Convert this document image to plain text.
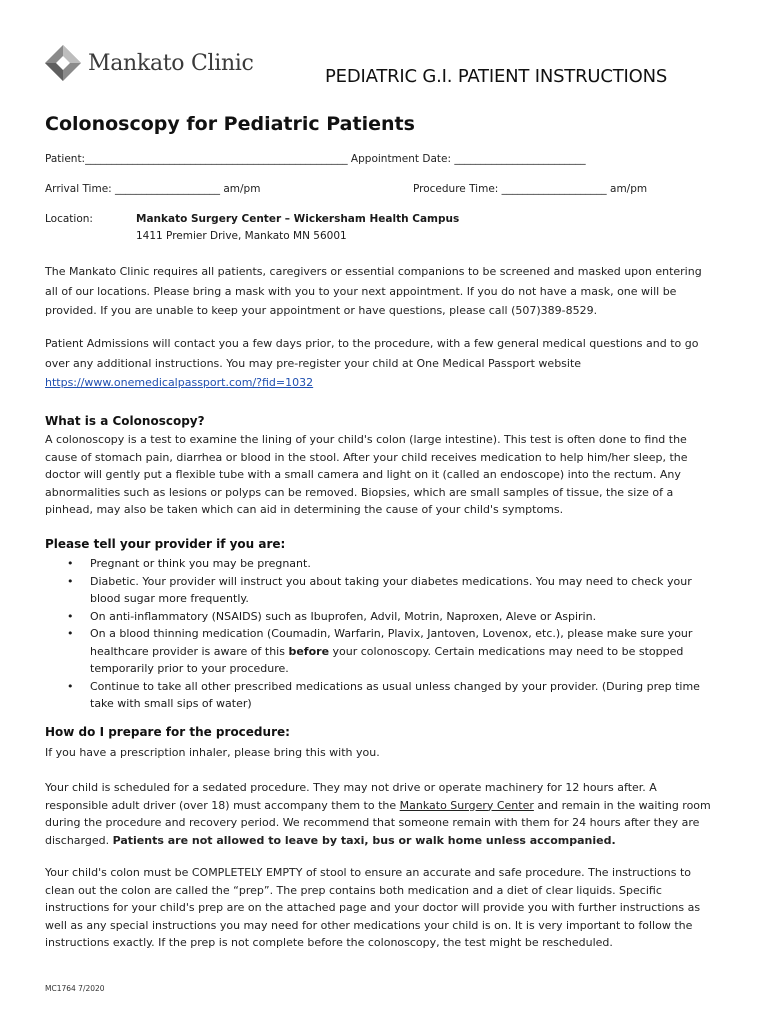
Mankato Clinic
PEDIATRIC G.I. PATIENT INSTRUCTIONS
Colonoscopy for Pediatric Patients
Patient:__________________________________________________ Appointment Date: _________________________
Arrival Time: ____________________ am/pm	Procedure Time: ____________________ am/pm
Location:	Mankato Surgery Center – Wickersham Health Campus
1411 Premier Drive, Mankato MN 56001
The Mankato Clinic requires all patients, caregivers or essential companions to be screened and masked upon entering
all of our locations. Please bring a mask with you to your next appointment. If you do not have a mask, one will be
provided. If you are unable to keep your appointment or have questions, please call (507)389-8529.
Patient Admissions will contact you a few days prior, to the procedure, with a few general medical questions and to go
over any additional instructions. You may pre-register your child at One Medical Passport website
https://www.onemedicalpassport.com/?fid=1032
What is a Colonoscopy?
A colonoscopy is a test to examine the lining of your child's colon (large intestine). This test is often done to find the
cause of stomach pain, diarrhea or blood in the stool. After your child receives medication to help him/her sleep, the
doctor will gently put a flexible tube with a small camera and light on it (called an endoscope) into the rectum. Any
abnormalities such as lesions or polyps can be removed. Biopsies, which are small samples of tissue, the size of a
pinhead, may also be taken which can aid in determining the cause of your child's symptoms.
Please tell your provider if you are:
• Pregnant or think you may be pregnant.
• Diabetic. Your provider will instruct you about taking your diabetes medications. You may need to check your
blood sugar more frequently.
• On anti-inflammatory (NSAIDS) such as Ibuprofen, Advil, Motrin, Naproxen, Aleve or Aspirin.
• On a blood thinning medication (Coumadin, Warfarin, Plavix, Jantoven, Lovenox, etc.), please make sure your
healthcare provider is aware of this before your colonoscopy. Certain medications may need to be stopped
temporarily prior to your procedure.
• Continue to take all other prescribed medications as usual unless changed by your provider. (During prep time
take with small sips of water)
How do I prepare for the procedure:
If you have a prescription inhaler, please bring this with you.
Your child is scheduled for a sedated procedure. They may not drive or operate machinery for 12 hours after. A
responsible adult driver (over 18) must accompany them to the Mankato Surgery Center and remain in the waiting room
during the procedure and recovery period. We recommend that someone remain with them for 24 hours after they are
discharged. Patients are not allowed to leave by taxi, bus or walk home unless accompanied.
Your child's colon must be COMPLETELY EMPTY of stool to ensure an accurate and safe procedure. The instructions to
clean out the colon are called the “prep”. The prep contains both medication and a diet of clear liquids. Specific
instructions for your child's prep are on the attached page and your doctor will provide you with further instructions as
well as any special instructions you may need for other medications your child is on. It is very important to follow the
instructions exactly. If the prep is not complete before the colonoscopy, the test might be rescheduled.
MC1764 7/2020
